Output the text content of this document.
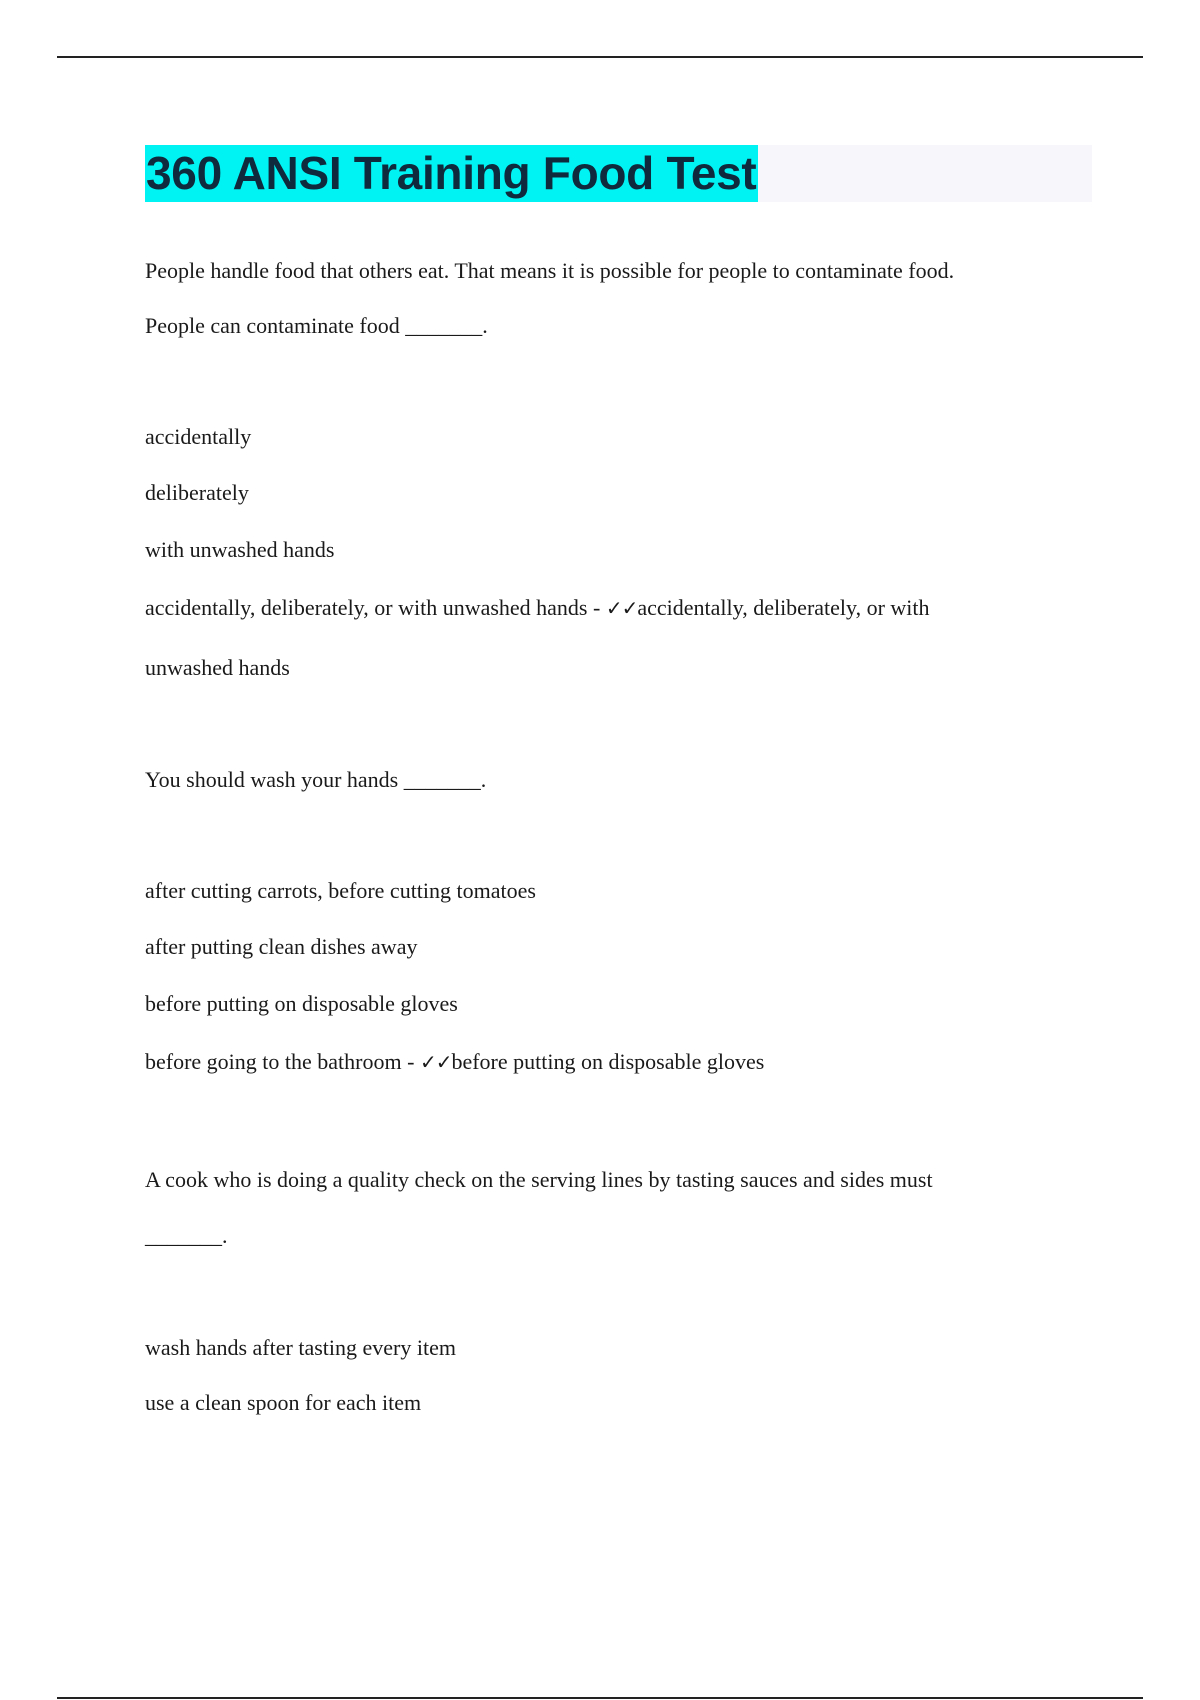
360 ANSI Training Food Test
People handle food that others eat. That means it is possible for people to contaminate food.
People can contaminate food _______.
accidentally
deliberately
with unwashed hands
accidentally, deliberately, or with unwashed hands - ✓✓accidentally, deliberately, or with
unwashed hands
You should wash your hands _______.
after cutting carrots, before cutting tomatoes
after putting clean dishes away
before putting on disposable gloves
before going to the bathroom - ✓✓before putting on disposable gloves
A cook who is doing a quality check on the serving lines by tasting sauces and sides must
_______.
wash hands after tasting every item
use a clean spoon for each item
